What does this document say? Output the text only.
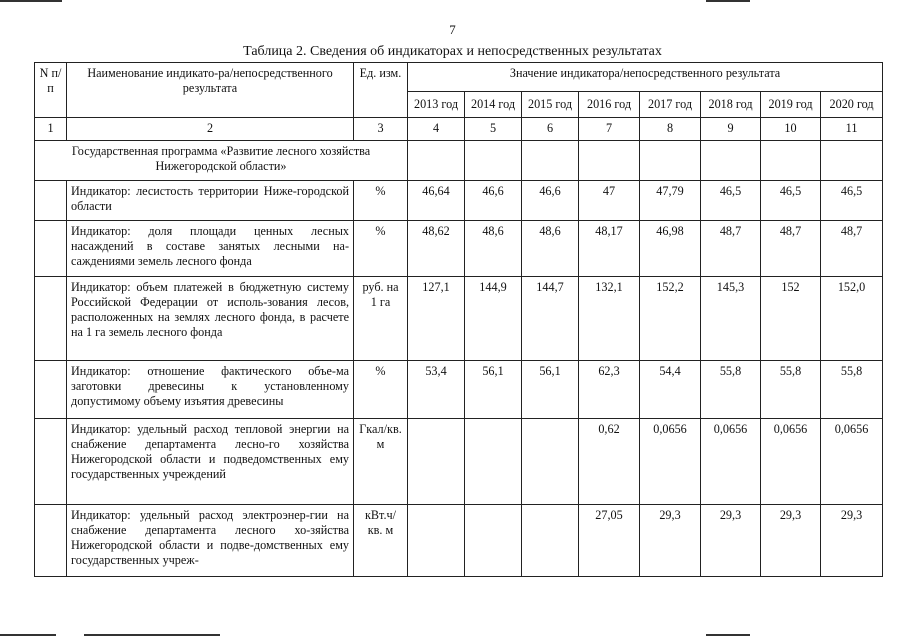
7
Таблица 2. Сведения об индикаторах и непосредственных результатах
N п/п	Наименование индикато-ра/непосредственного результата	Ед. изм.	Значение индикатора/непосредственного результата							
			2013 год	2014 год	2015 год	2016 год	2017 год	2018 год	2019 год	2020 год
1	2	3	4	5	6	7	8	9	10	11
Государственная программа «Развитие лесного хозяйства Нижегородской области»										
	Индикатор: лесистость территории Ниже-городской области	%	46,64	46,6	46,6	47	47,79	46,5	46,5	46,5
	Индикатор: доля площади ценных лесных насаждений в составе занятых лесными на-саждениями земель лесного фонда	%	48,62	48,6	48,6	48,17	46,98	48,7	48,7	48,7
	Индикатор: объем платежей в бюджетную систему Российской Федерации от исполь-зования лесов, расположенных на землях лесного фонда, в расчете на 1 га земель лесного фонда	руб. на 1 га	127,1	144,9	144,7	132,1	152,2	145,3	152	152,0
	Индикатор: отношение фактического объе-ма заготовки древесины к установленному допустимому объему изъятия древесины	%	53,4	56,1	56,1	62,3	54,4	55,8	55,8	55,8
	Индикатор: удельный расход тепловой энергии на снабжение департамента лесно-го хозяйства Нижегородской области и подведомственных ему государственных учреждений	Гкал/кв. м				0,62	0,0656	0,0656	0,0656	0,0656
	Индикатор: удельный расход электроэнер-гии на снабжение департамента лесного хо-зяйства Нижегородской области и подве-домственных ему государственных учреж-	кВт.ч/кв. м				27,05	29,3	29,3	29,3	29,3
